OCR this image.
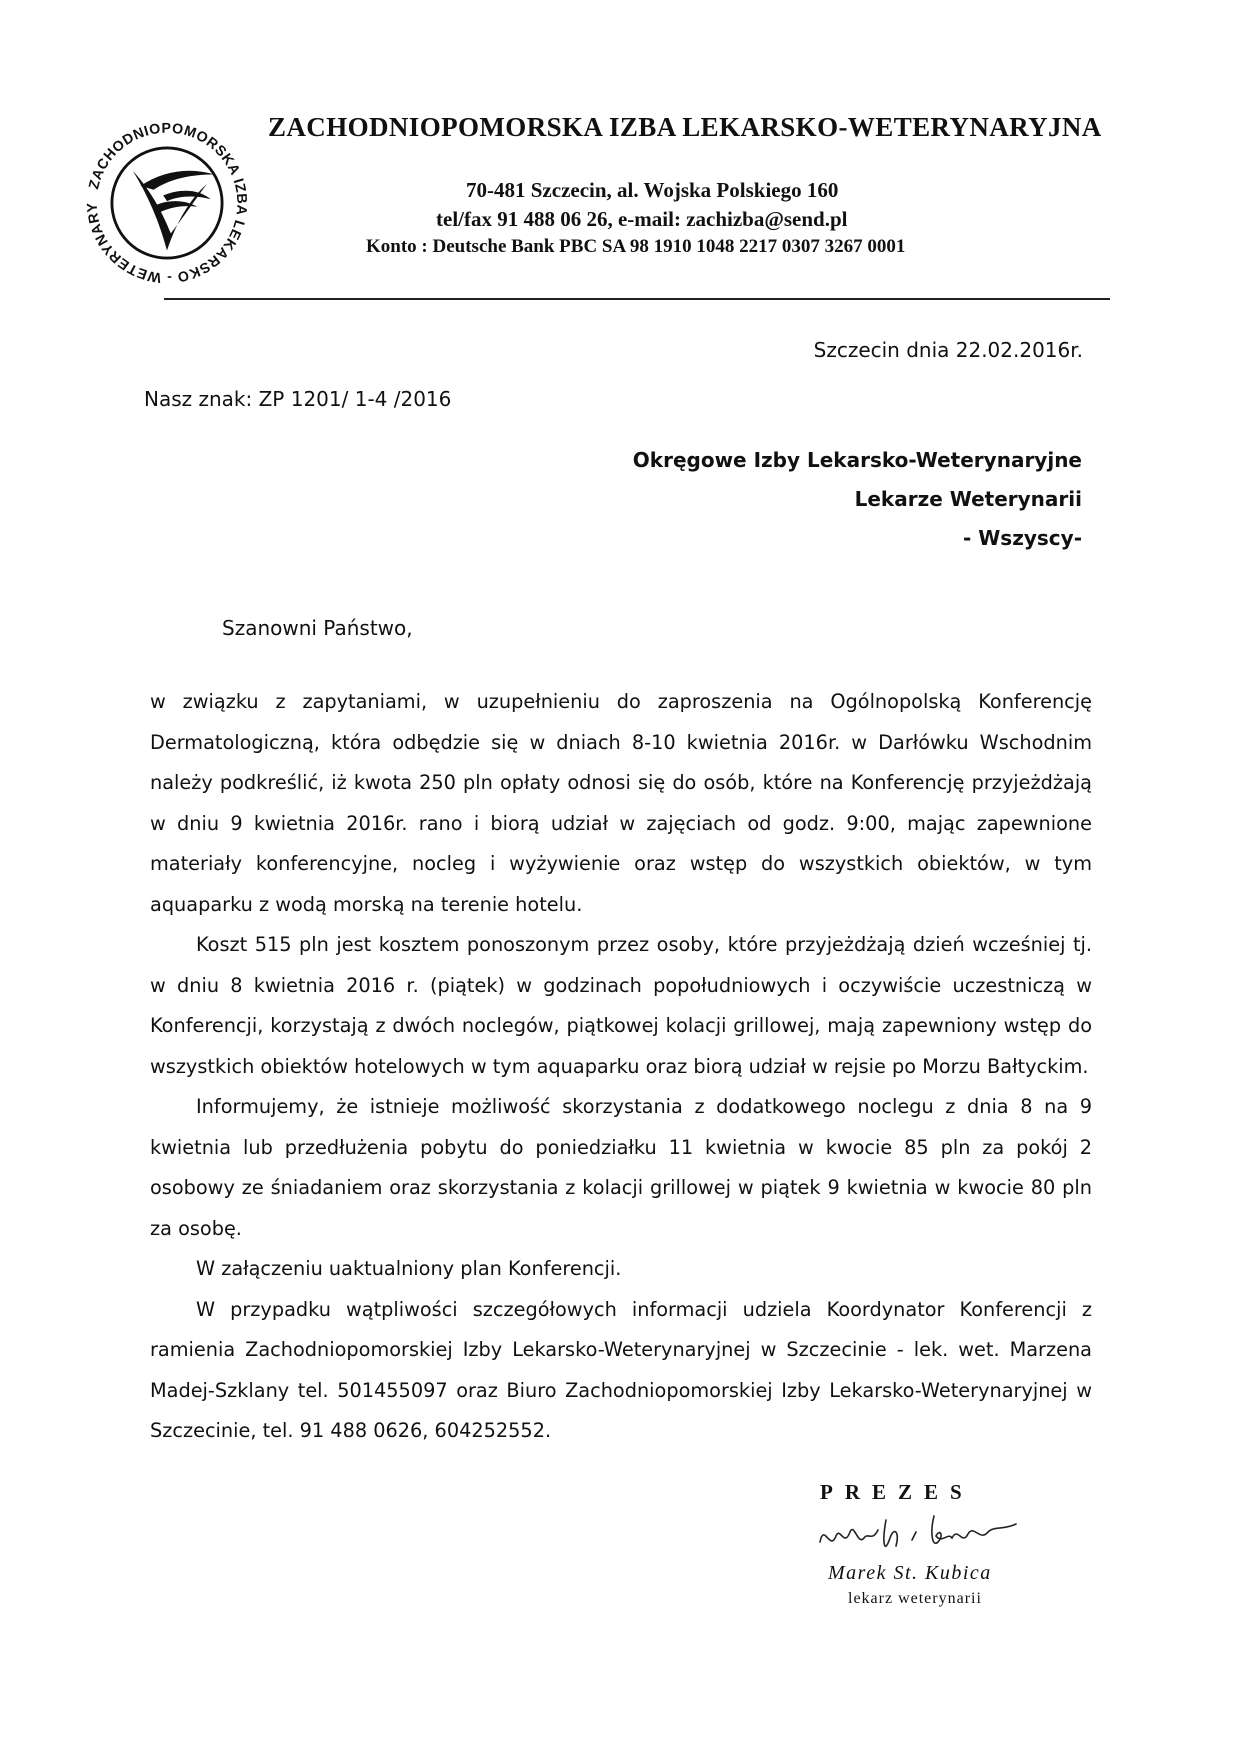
ZACHODNIOPOMORSKA IZBA LEKARSKO - WETERYNARY
ZACHODNIOPOMORSKA IZBA LEKARSKO-WETERYNARYJNA
70-481 Szczecin, al. Wojska Polskiego 160
tel/fax 91 488 06 26, e-mail: zachizba@send.pl
Konto : Deutsche Bank PBC SA 98 1910 1048 2217 0307 3267 0001
Szczecin dnia 22.02.2016r.
Nasz znak: ZP 1201/ 1-4 /2016
Okręgowe Izby Lekarsko-Weterynaryjne
Lekarze Weterynarii
- Wszyscy-
Szanowni Państwo,

w związku z zapytaniami, w uzupełnieniu do zaproszenia na Ogólnopolską Konferencję Dermatologiczną, która odbędzie się w dniach 8-10 kwietnia 2016r. w Darłówku Wschodnim należy podkreślić, iż kwota 250 pln opłaty odnosi się do osób, które na Konferencję przyjeżdżają w dniu 9 kwietnia 2016r. rano i biorą udział w zajęciach od godz. 9:00, mając zapewnione materiały konferencyjne, nocleg i wyżywienie oraz wstęp do wszystkich obiektów, w tym aquaparku z wodą morską na terenie hotelu.

Koszt 515 pln jest kosztem ponoszonym przez osoby, które przyjeżdżają dzień wcześniej tj. w dniu 8 kwietnia 2016 r. (piątek) w godzinach popołudniowych i oczywiście uczestniczą w Konferencji, korzystają z dwóch noclegów, piątkowej kolacji grillowej, mają zapewniony wstęp do wszystkich obiektów hotelowych w tym aquaparku oraz biorą udział w rejsie po Morzu Bałtyckim.

Informujemy, że istnieje możliwość skorzystania z dodatkowego noclegu z dnia 8 na 9 kwietnia lub przedłużenia pobytu do poniedziałku 11 kwietnia w kwocie 85 pln za pokój 2 osobowy ze śniadaniem oraz skorzystania z kolacji grillowej w piątek 9 kwietnia w kwocie 80 pln za osobę.

W załączeniu uaktualniony plan Konferencji.

W przypadku wątpliwości szczegółowych informacji udziela Koordynator Konferencji z ramienia Zachodniopomorskiej Izby Lekarsko-Weterynaryjnej w Szczecinie - lek. wet. Marzena Madej-Szklany tel. 501455097 oraz Biuro Zachodniopomorskiej Izby Lekarsko-Weterynaryjnej w Szczecinie, tel. 91 488 0626, 604252552.

PREZES
Marek St. Kubica
lekarz weterynarii
